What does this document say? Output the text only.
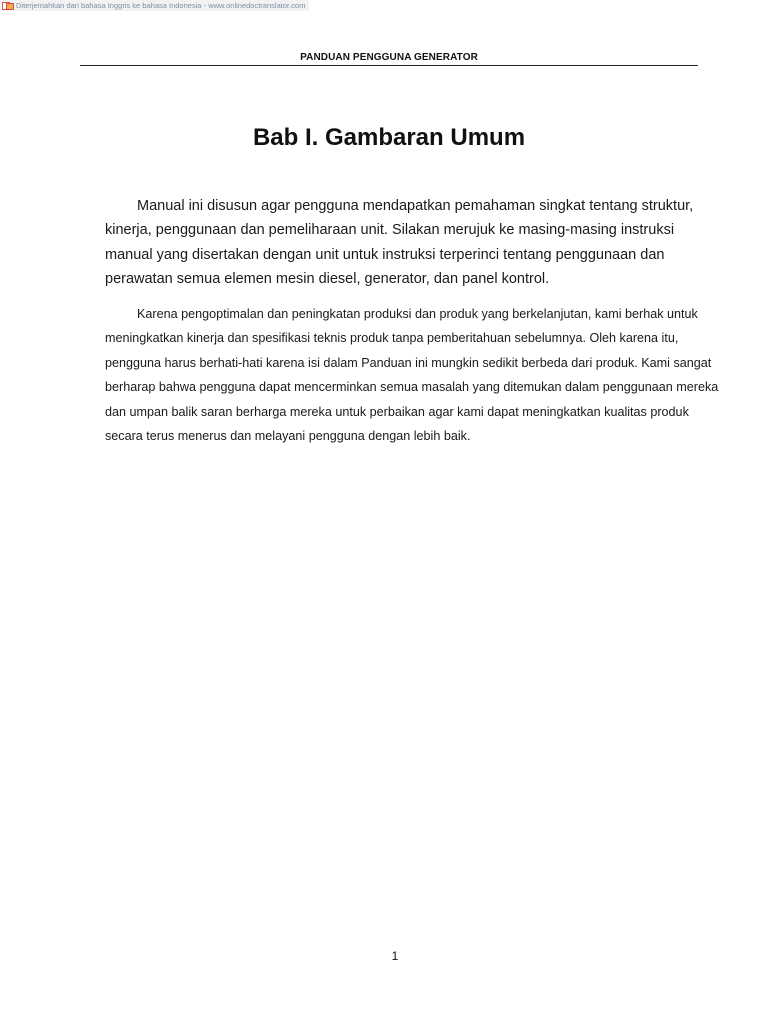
Diterjemahkan dari bahasa Inggris ke bahasa Indonesia - www.onlinedoctranslator.com
PANDUAN PENGGUNA GENERATOR
Bab I. Gambaran Umum

Manual ini disusun agar pengguna mendapatkan pemahaman singkat tentang struktur, kinerja, penggunaan dan pemeliharaan unit. Silakan merujuk ke masing-masing instruksi manual yang disertakan dengan unit untuk instruksi terperinci tentang penggunaan dan perawatan semua elemen mesin diesel, generator, dan panel kontrol.

Karena pengoptimalan dan peningkatan produksi dan produk yang berkelanjutan, kami berhak untuk meningkatkan kinerja dan spesifikasi teknis produk tanpa pemberitahuan sebelumnya. Oleh karena itu, pengguna harus berhati-hati karena isi dalam Panduan ini mungkin sedikit berbeda dari produk. Kami sangat berharap bahwa pengguna dapat mencerminkan semua masalah yang ditemukan dalam penggunaan mereka dan umpan balik saran berharga mereka untuk perbaikan agar kami dapat meningkatkan kualitas produk secara terus menerus dan melayani pengguna dengan lebih baik.

1
